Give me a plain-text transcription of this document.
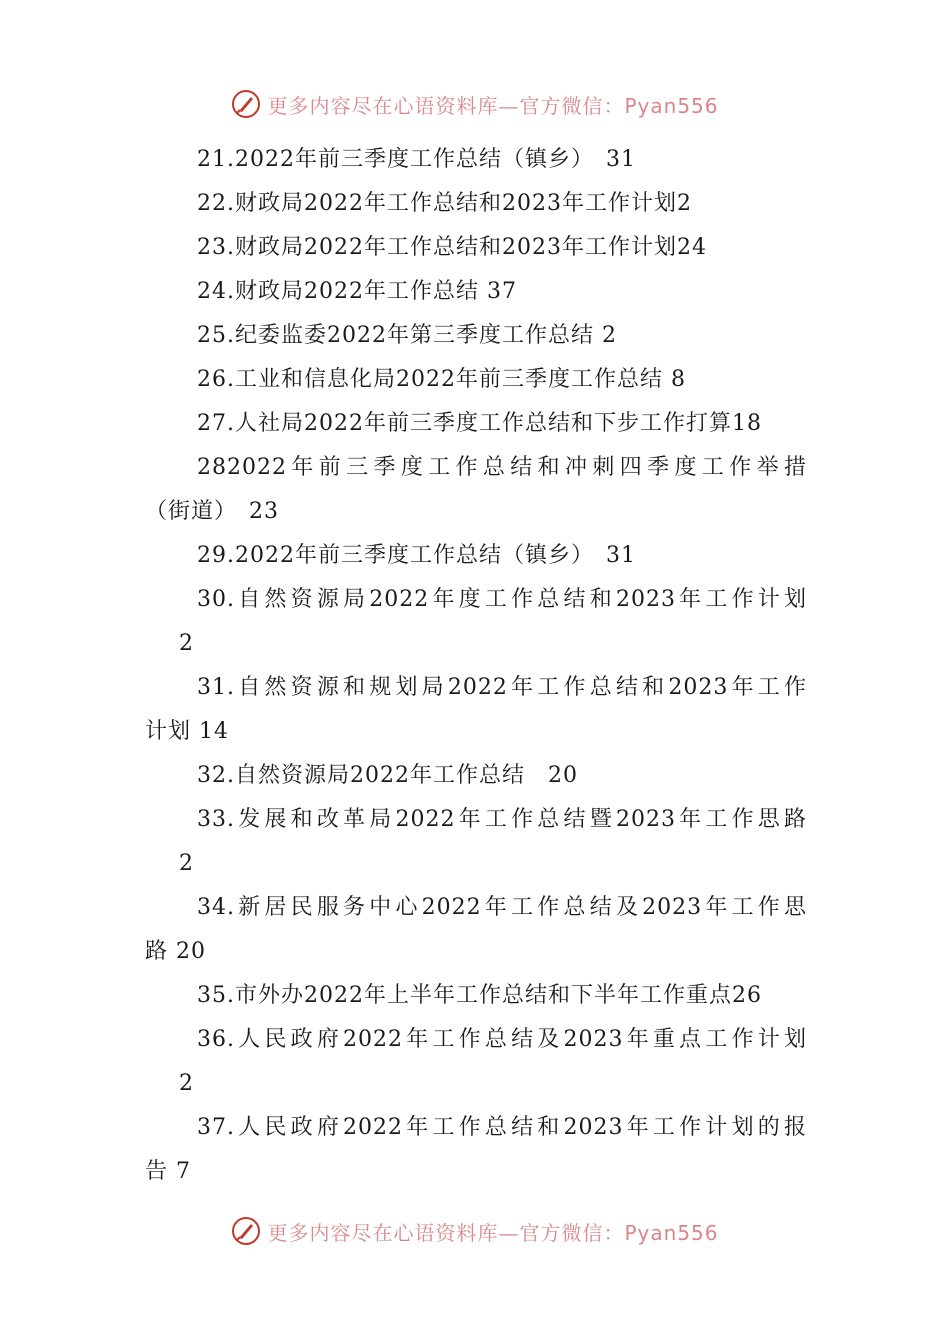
更多内容尽在心语资料库—官方微信：Pyan556
21.2022年前三季度工作总结（镇乡）　31
22.财政局2022年工作总结和2023年工作计划2
23.财政局2022年工作总结和2023年工作计划24
24.财政局2022年工作总结 37
25.纪委监委2022年第三季度工作总结 2
26.工业和信息化局2022年前三季度工作总结 8
27.人社局2022年前三季度工作总结和下步工作打算18
282022年前三季度工作总结和冲刺四季度工作举措
（街道）　23
29.2022年前三季度工作总结（镇乡）　31
30.自然资源局2022年度工作总结和2023年工作计划
2
31.自然资源和规划局2022年工作总结和2023年工作
计划 14
32.自然资源局2022年工作总结　20
33.发展和改革局2022年工作总结暨2023年工作思路
2
34.新居民服务中心2022年工作总结及2023年工作思
路 20
35.市外办2022年上半年工作总结和下半年工作重点26
36.人民政府2022年工作总结及2023年重点工作计划
2
37.人民政府2022年工作总结和2023年工作计划的报
告 7
更多内容尽在心语资料库—官方微信：Pyan556
